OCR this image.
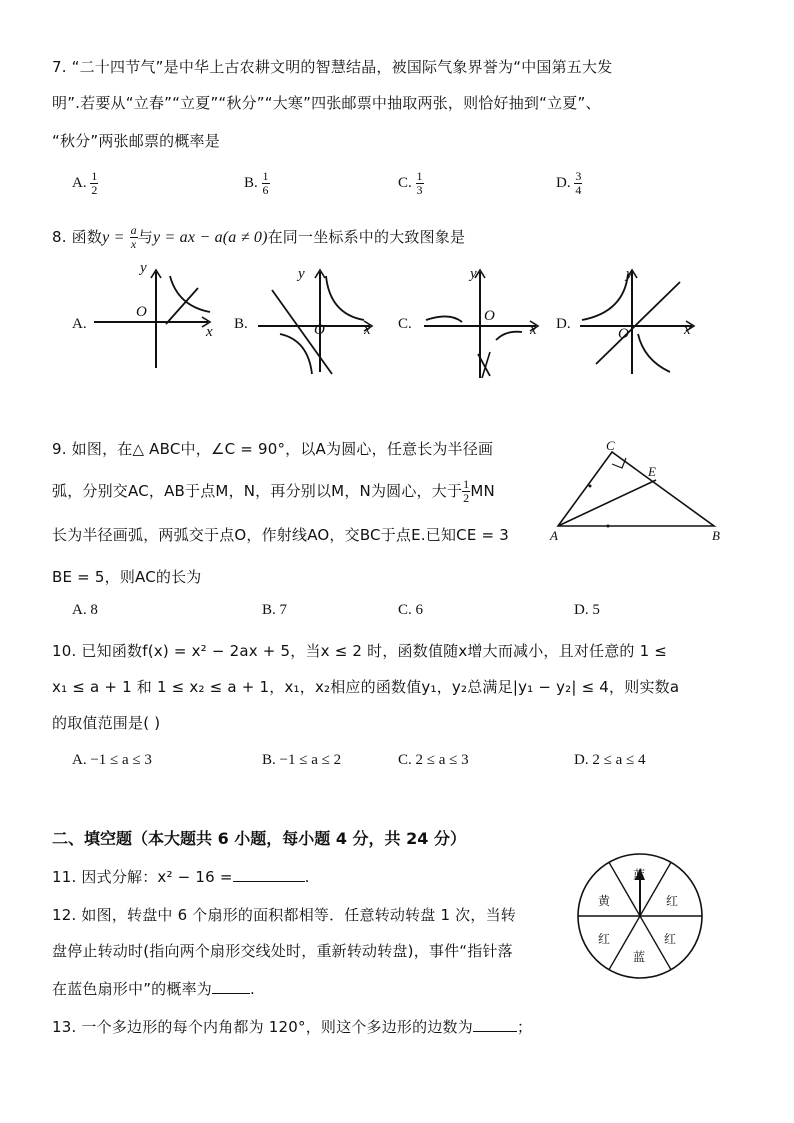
7. “二十四节气”是中华上古农耕文明的智慧结晶，被国际气象界誉为“中国第五大发
明”.若要从“立春”“立夏”“秋分”“大寒”四张邮票中抽取两张，则恰好抽到“立夏”、
“秋分”两张邮票的概率是
A. $\frac{1}{2}$	B. $\frac{1}{6}$	C. $\frac{1}{3}$	D. $\frac{3}{4}$
8. 函数$y = \frac{a}{x}$ 与y = ax − a(a ≠ 0)在同一坐标系中的大致图象是
A.
y
O
x B.
y
O	x C.
y
O
x D.
y
O	x
9. 如图，在△ ABC中，∠C = 90°，以A为圆心，任意长为半径画
弧，分别交AC，AB于点M，N，再分别以M，N为圆心，大于 $\frac{1}{2}$ MN
长为半径画弧，两弧交于点O，作射线AO，交BC于点E.已知CE = 3
BE = 5，则AC的长为
C
E
A	B
A. 8	B. 7	C. 6	D. 5
10. 已知函数f(x) = x² − 2ax + 5，当x ≤ 2 时，函数值随x增大而减小，且对任意的 1 ≤
x₁ ≤ a + 1 和 1 ≤ x₂ ≤ a + 1，x₁，x₂相应的函数值y₁，y₂总满足|y₁ − y₂| ≤ 4，则实数a
的取值范围是( )
A. −1 ≤ a ≤ 3	B. −1 ≤ a ≤ 2	C. 2 ≤ a ≤ 3	D. 2 ≤ a ≤ 4
二、填空题（本大题共 6 小题，每小题 4 分，共 24 分）
11. 因式分解：x² − 16 =	.
12. 如图，转盘中 6 个扇形的面积都相等．任意转动转盘 1 次，当转
盘停止转动时(指向两个扇形交线处时，重新转动转盘)，事件“指针落
在蓝色扇形中”的概率为	.
蓝
红
红
蓝
红
黄
13. 一个多边形的每个内角都为 120°，则这个多边形的边数为	；
